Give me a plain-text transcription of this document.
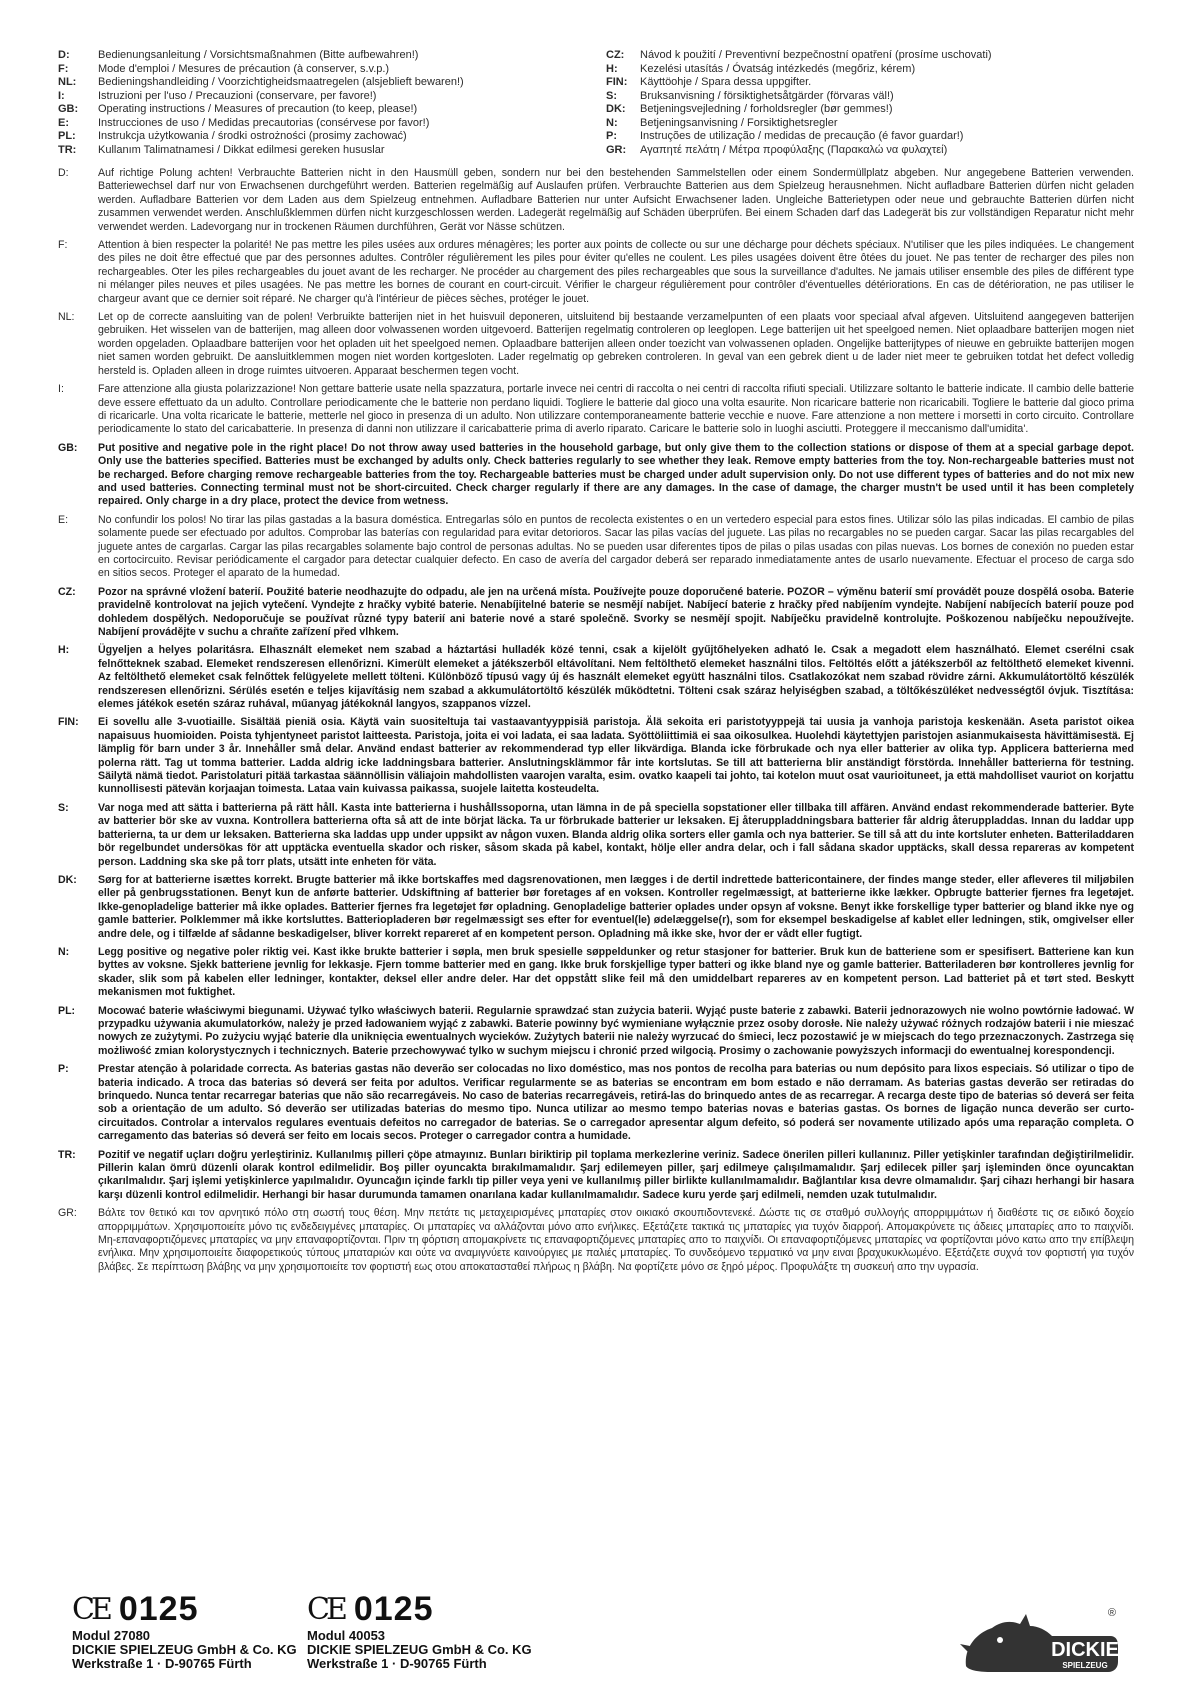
D:	Bedienungsanleitung / Vorsichtsmaßnahmen (Bitte aufbewahren!)
F:	Mode d'emploi / Mesures de précaution (à conserver, s.v.p.)
NL:	Bedieningshandleiding / Voorzichtigheidsmaatregelen (alsjeblieft bewaren!)
I:	Istruzioni per l'uso / Precauzioni (conservare, per favore!)
GB:	Operating instructions / Measures of precaution (to keep, please!)
E:	Instrucciones de uso / Medidas precautorias (consérvese por favor!)
PL:	Instrukcja użytkowania / środki ostrożności (prosimy zachować)
TR:	Kullanım Talimatnamesi / Dikkat edilmesi gereken hususlar
CZ:	Návod k použití / Preventivní bezpečnostní opatření (prosíme uschovati)
H:	Kezelési utasítás / Óvatság intézkedés (megőriz, kérem)
FIN:	Käyttöohje / Spara dessa uppgifter.
S:	Bruksanvisning / försiktighetsåtgärder (förvaras väl!)
DK:	Betjeningsvejledning / forholdsregler (bør gemmes!)
N:	Betjeningsanvisning / Forsiktighetsregler
P:	Instruções de utilização / medidas de precaução (é favor guardar!)
GR:	Αγαπητέ πελάτη / Μέτρα προφύλαξης (Παρακαλώ να φυλαχτεί)
D:	Auf richtige Polung achten! Verbrauchte Batterien nicht in den Hausmüll geben, sondern nur bei den bestehenden Sammelstellen oder einem Sondermüllplatz abgeben. Nur angegebene Batterien verwenden. Batteriewechsel darf nur von Erwachsenen durchgeführt werden. Batterien regelmäßig auf Auslaufen prüfen. Verbrauchte Batterien aus dem Spielzeug herausnehmen. Nicht aufladbare Batterien dürfen nicht geladen werden. Aufladbare Batterien vor dem Laden aus dem Spielzeug entnehmen. Aufladbare Batterien nur unter Aufsicht Erwachsener laden. Ungleiche Batterietypen oder neue und gebrauchte Batterien dürfen nicht zusammen verwendet werden. Anschlußklemmen dürfen nicht kurzgeschlossen werden. Ladegerät regelmäßig auf Schäden überprüfen. Bei einem Schaden darf das Ladegerät bis zur vollständigen Reparatur nicht mehr verwendet werden. Ladevorgang nur in trockenen Räumen durchführen, Gerät vor Nässe schützen.
F:	Attention à bien respecter la polarité! Ne pas mettre les piles usées aux ordures ménagères; les porter aux points de collecte ou sur une décharge pour déchets spéciaux. N'utiliser que les piles indiquées. Le changement des piles ne doit être effectué que par des personnes adultes. Contrôler régulièrement les piles pour éviter qu'elles ne coulent. Les piles usagées doivent être ôtées du jouet. Ne pas tenter de recharger des piles non rechargeables. Oter les piles rechargeables du jouet avant de les recharger. Ne procéder au chargement des piles rechargeables que sous la surveillance d'adultes. Ne jamais utiliser ensemble des piles de différent type ni mélanger piles neuves et piles usagées. Ne pas mettre les bornes de courant en court-circuit. Vérifier le chargeur régulièrement pour contrôler d'éventuelles détériorations. En cas de détérioration, ne pas utiliser le chargeur avant que ce dernier soit réparé. Ne charger qu'à l'intérieur de pièces sèches, protéger le jouet.
NL:	Let op de correcte aansluiting van de polen! Verbruikte batterijen niet in het huisvuil deponeren, uitsluitend bij bestaande verzamelpunten of een plaats voor speciaal afval afgeven. Uitsluitend aangegeven batterijen gebruiken. Het wisselen van de batterijen, mag alleen door volwassenen worden uitgevoerd. Batterijen regelmatig controleren op leeglopen. Lege batterijen uit het speelgoed nemen. Niet oplaadbare batterijen mogen niet worden opgeladen. Oplaadbare batterijen voor het opladen uit het speelgoed nemen. Oplaadbare batterijen alleen onder toezicht van volwassenen opladen. Ongelijke batterijtypes of nieuwe en gebruikte batterijen mogen niet samen worden gebruikt. De aansluitklemmen mogen niet worden kortgesloten. Lader regelmatig op gebreken controleren. In geval van een gebrek dient u de lader niet meer te gebruiken totdat het defect volledig hersteld is. Opladen alleen in droge ruimtes uitvoeren. Apparaat beschermen tegen vocht.
I:	Fare attenzione alla giusta polarizzazione! Non gettare batterie usate nella spazzatura, portarle invece nei centri di raccolta o nei centri di raccolta rifiuti speciali. Utilizzare soltanto le batterie indicate. Il cambio delle batterie deve essere effettuato da un adulto. Controllare periodicamente che le batterie non perdano liquidi. Togliere le batterie dal gioco una volta esaurite. Non ricaricare batterie non ricaricabili. Togliere le batterie dal gioco prima di ricaricarle. Una volta ricaricate le batterie, metterle nel gioco in presenza di un adulto. Non utilizzare contemporaneamente batterie vecchie e nuove. Fare attenzione a non mettere i morsetti in corto circuito. Controllare periodicamente lo stato del caricabatterie. In presenza di danni non utilizzare il caricabatterie prima di averlo riparato. Caricare le batterie solo in luoghi asciutti. Proteggere il meccanismo dall'umidita'.
GB:	Put positive and negative pole in the right place! Do not throw away used batteries in the household garbage, but only give them to the collection stations or dispose of them at a special garbage depot. Only use the batteries specified. Batteries must be exchanged by adults only. Check batteries regularly to see whether they leak. Remove empty batteries from the toy. Non-rechargeable batteries must not be recharged. Before charging remove rechargeable batteries from the toy. Rechargeable batteries must be charged under adult supervision only. Do not use different types of batteries and do not mix new and used batteries. Connecting terminal must not be short-circuited. Check charger regularly if there are any damages. In the case of damage, the charger mustn't be used until it has been completely repaired. Only charge in a dry place, protect the device from wetness.
E:	No confundir los polos! No tirar las pilas gastadas a la basura doméstica. Entregarlas sólo en puntos de recolecta existentes o en un vertedero especial para estos fines. Utilizar sólo las pilas indicadas. El cambio de pilas solamente puede ser efectuado por adultos. Comprobar las baterías con regularidad para evitar detorioros. Sacar las pilas vacías del juguete. Las pilas no recargables no se pueden cargar. Sacar las pilas recargables del juguete antes de cargarlas. Cargar las pilas recargables solamente bajo control de personas adultas. No se pueden usar diferentes tipos de pilas o pilas usadas con pilas nuevas. Los bornes de conexión no pueden estar en cortocircuito. Revisar periódicamente el cargador para detectar cualquier defecto. En caso de avería del cargador deberá ser reparado inmediatamente antes de usarlo nuevamente. Efectuar el proceso de carga sdo en sitios secos. Proteger el aparato de la humedad.
CZ:	Pozor na správné vložení baterií. Použité baterie neodhazujte do odpadu, ale jen na určená místa. Používejte pouze doporučené baterie. POZOR – výměnu baterií smí provádět pouze dospělá osoba. Baterie pravidelně kontrolovat na jejich vytečení. Vyndejte z hračky vybité baterie. Nenabíjitelné baterie se nesmějí nabíjet. Nabíjecí baterie z hračky před nabíjením vyndejte. Nabíjení nabíjecích baterií pouze pod dohledem dospělých. Nedoporučuje se používat různé typy baterií ani baterie nové a staré společně. Svorky se nesmějí spojit. Nabíječku pravidelně kontrolujte. Poškozenou nabíječku nepoužívejte. Nabíjení provádějte v suchu a chraňte zařízení před vlhkem.
H:	Ügyeljen a helyes polaritásra. Elhasznált elemeket nem szabad a háztartási hulladék közé tenni, csak a kijelölt gyűjtőhelyeken adható le. Csak a megadott elem használható. Elemet cserélni csak felnőtteknek szabad. Elemeket rendszeresen ellenőrizni. Kimerült elemeket a játékszerből eltávolítani. Nem feltölthető elemeket használni tilos. Feltöltés előtt a játékszerből az feltölthető elemeket kivenni. Az feltölthető elemeket csak felnőttek felügyelete mellett tölteni. Különböző típusú vagy új és használt elemeket együtt használni tilos. Csatlakozókat nem szabad rövidre zárni. Akkumulátortöltő készülék rendszeresen ellenőrizni. Sérülés esetén e teljes kijavításig nem szabad a akkumulátortöltő készülék működtetni. Tölteni csak száraz helyiségben szabad, a töltőkészüléket nedvességtől óvjuk. Tisztítása: elemes játékok esetén száraz ruhával, műanyag játékoknál langyos, szappanos vízzel.
FIN:	Ei sovellu alle 3-vuotiaille. Sisältää pieniä osia. Käytä vain suositeltuja tai vastaavantyyppisiä paristoja. Älä sekoita eri paristotyyppejä tai uusia ja vanhoja paristoja keskenään. Aseta paristot oikea napaisuus huomioiden. Poista tyhjentyneet paristot laitteesta. Paristoja, joita ei voi ladata, ei saa ladata. Syöttöliittimiä ei saa oikosulkea. Huolehdi käytettyjen paristojen asianmukaisesta hävittämisestä. Ej lämplig för barn under 3 år. Innehåller små delar. Använd endast batterier av rekommenderad typ eller likvärdiga. Blanda icke förbrukade och nya eller batterier av olika typ. Applicera batterierna med polerna rätt. Tag ut tomma batterier. Ladda aldrig icke laddningsbara batterier. Anslutningsklämmor får inte kortslutas. Se till att batterierna blir anständigt förstörda. Innehåller batterierna för testning. Säilytä nämä tiedot. Paristolaturi pitää tarkastaa säännöllisin väliajoin mahdollisten vaarojen varalta, esim. ovatko kaapeli tai johto, tai kotelon muut osat vaurioituneet, ja että mahdolliset vauriot on korjattu kunnollisesti pätevän korjaajan toimesta. Lataa vain kuivassa paikassa, suojele laitetta kosteudelta.
S:	Var noga med att sätta i batterierna på rätt håll. Kasta inte batterierna i hushållssoporna, utan lämna in de på speciella sopstationer eller tillbaka till affären. Använd endast rekommenderade batterier. Byte av batterier bör ske av vuxna. Kontrollera batterierna ofta så att de inte börjat läcka. Ta ur förbrukade batterier ur leksaken. Ej återuppladdningsbara batterier får aldrig återuppladdas. Innan du laddar upp batterierna, ta ur dem ur leksaken. Batterierna ska laddas upp under uppsikt av någon vuxen. Blanda aldrig olika sorters eller gamla och nya batterier. Se till så att du inte kortsluter enheten. Batteriladdaren bör regelbundet undersökas för att upptäcka eventuella skador och risker, såsom skada på kabel, kontakt, hölje eller andra delar, och i fall sådana skador upptäcks, skall dessa repareras av kompetent person. Laddning ska ske på torr plats, utsätt inte enheten för väta.
DK:	Sørg for at batterierne isættes korrekt. Brugte batterier må ikke bortskaffes med dagsrenovationen, men lægges i de dertil indrettede battericontainere, der findes mange steder, eller afleveres til miljøbilen eller på genbrugsstationen. Benyt kun de anførte batterier. Udskiftning af batterier bør foretages af en voksen. Kontroller regelmæssigt, at batterierne ikke lækker. Opbrugte batterier fjernes fra legetøjet. Ikke-genopladelige batterier må ikke oplades. Batterier fjernes fra legetøjet før opladning. Genopladelige batterier oplades under opsyn af voksne. Benyt ikke forskellige typer batterier og bland ikke nye og gamle batterier. Polklemmer må ikke kortsluttes. Batteriopladeren bør regelmæssigt ses efter for eventuel(le) ødelæggelse(r), som for eksempel beskadigelse af kablet eller ledningen, stik, omgivelser eller andre dele, og i tilfælde af sådanne beskadigelser, bliver korrekt repareret af en kompetent person. Opladning må ikke ske, hvor der er vådt eller fugtigt.
N:	Legg positive og negative poler riktig vei. Kast ikke brukte batterier i søpla, men bruk spesielle søppeldunker og retur stasjoner for batterier. Bruk kun de batteriene som er spesifisert. Batteriene kan kun byttes av voksne. Sjekk batteriene jevnlig for lekkasje. Fjern tomme batterier med en gang. Ikke bruk forskjellige typer batteri og ikke bland nye og gamle batterier. Batteriladeren bør kontrolleres jevnlig for skader, slik som på kabelen eller ledninger, kontakter, deksel eller andre deler. Har det oppstått slike feil må den umiddelbart repareres av en kompetent person. Lad batteriet på et tørt sted. Beskytt mekanismen mot fuktighet.
PL:	Mocować baterie właściwymi biegunami. Używać tylko właściwych baterii. Regularnie sprawdzać stan zużycia baterii. Wyjąć puste baterie z zabawki. Baterii jednorazowych nie wolno powtórnie ładować. W przypadku używania akumulatorków, należy je przed ładowaniem wyjąć z zabawki. Baterie powinny być wymieniane wyłącznie przez osoby dorosłe. Nie należy używać różnych rodzajów baterii i nie mieszać nowych ze zużytymi. Po zużyciu wyjąć baterie dla uniknięcia ewentualnych wycieków. Zużytych baterii nie należy wyrzucać do śmieci, lecz pozostawić je w miejscach do tego przeznaczonych. Zastrzega się możliwość zmian kolorystycznych i technicznych. Baterie przechowywać tylko w suchym miejscu i chronić przed wilgocią. Prosimy o zachowanie powyższych informacji do ewentualnej korespondencji.
P:	Prestar atenção à polaridade correcta. As baterias gastas não deverão ser colocadas no lixo doméstico, mas nos pontos de recolha para baterias ou num depósito para lixos especiais. Só utilizar o tipo de bateria indicado. A troca das baterias só deverá ser feita por adultos. Verificar regularmente se as baterias se encontram em bom estado e não derramam. As baterias gastas deverão ser retiradas do brinquedo. Nunca tentar recarregar baterias que não são recarregáveis. No caso de baterias recarregáveis, retirá-las do brinquedo antes de as recarregar. A recarga deste tipo de baterias só deverá ser feita sob a orientação de um adulto. Só deverão ser utilizadas baterias do mesmo tipo. Nunca utilizar ao mesmo tempo baterias novas e baterias gastas. Os bornes de ligação nunca deverão ser curto-circuitados. Controlar a intervalos regulares eventuais defeitos no carregador de baterias. Se o carregador apresentar algum defeito, só poderá ser novamente utilizado após uma reparação completa. O carregamento das baterias só deverá ser feito em locais secos. Proteger o carregador contra a humidade.
TR:	Pozitif ve negatif uçları doğru yerleştiriniz. Kullanılmış pilleri çöpe atmayınız. Bunları biriktirip pil toplama merkezlerine veriniz. Sadece önerilen pilleri kullanınız. Piller yetişkinler tarafından değiştirilmelidir. Pillerin kalan ömrü düzenli olarak kontrol edilmelidir. Boş piller oyuncakta bırakılmamalıdır. Şarj edilemeyen piller, şarj edilmeye çalışılmamalıdır. Şarj edilecek piller şarj işleminden önce oyuncaktan çıkarılmalıdır. Şarj işlemi yetişkinlerce yapılmalıdır. Oyuncağın içinde farklı tip piller veya yeni ve kullanılmış piller birlikte kullanılmamalıdır. Bağlantılar kısa devre olmamalıdır. Şarj cihazı herhangi bir hasara karşı düzenli kontrol edilmelidir. Herhangi bir hasar durumunda tamamen onarılana kadar kullanılmamalıdır. Sadece kuru yerde şarj edilmeli, nemden uzak tutulmalıdır.
GR:	Βάλτε τον θετικό και τον αρνητικό πόλο στη σωστή τους θέση. Μην πετάτε τις μεταχειρισμένες μπαταρίες στον οικιακό σκουπιδοντενεκέ. Δώστε τις σε σταθμό συλλογής απορριμμάτων ή διαθέστε τις σε ειδικό δοχείο απορριμμάτων. Χρησιμοποιείτε μόνο τις ενδεδειγμένες μπαταρίες. Οι μπαταρίες να αλλάζονται μόνο απο ενήλικες. Εξετάζετε τακτικά τις μπαταρίες για τυχόν διαρροή. Απομακρύνετε τις άδειες μπαταρίες απο το παιχνίδι. Μη-επαναφορτιζόμενες μπαταρίες να μην επαναφορτίζονται. Πριν τη φόρτιση απομακρίνετε τις επαναφορτιζόμενες μπαταρίες απο το παιχνίδι. Οι επαναφορτιζόμενες μπαταρίες να φορτίζονται μόνο κατω απο την επίβλεψη ενήλικα. Μην χρησιμοποιείτε διαφορετικούς τύπους μπαταριών και ούτε να αναμιγνύετε καινούργιες με παλιές μπαταρίες. Το συνδεόμενο τερματικό να μην ειναι βραχυκυκλωμένο. Εξετάζετε συχνά τον φορτιστή για τυχόν βλάβες. Σε περίπτωση βλάβης να μην χρησιμοποιείτε τον φορτιστή εως οτου αποκατασταθεί πλήρως η βλάβη. Να φορτίζετε μόνο σε ξηρό μέρος. Προφυλάξτε τη συσκευή απο την υγρασία.
CE 0125
Modul 27080
DICKIE SPIELZEUG GmbH & Co. KG
Werkstraße 1 · D-90765 Fürth
CE 0125
Modul 40053
DICKIE SPIELZEUG GmbH & Co. KG
Werkstraße 1 · D-90765 Fürth
DICKIE
SPIELZEUG
®
